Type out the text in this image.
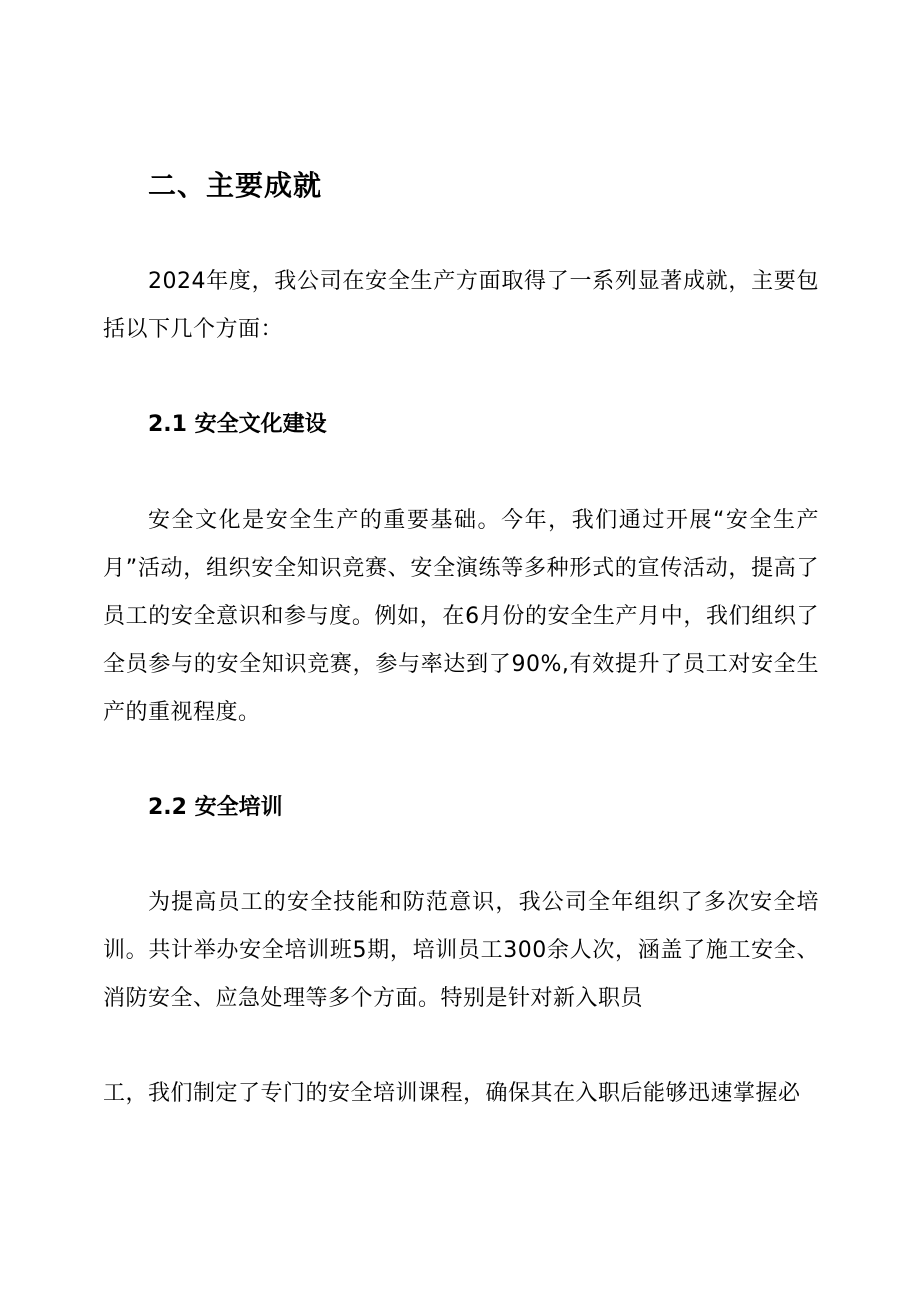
二、主要成就

2024年度，我公司在安全生产方面取得了一系列显著成就，主要包括以下几个方面：

2.1 安全文化建设

安全文化是安全生产的重要基础。今年，我们通过开展“安全生产月”活动，组织安全知识竞赛、安全演练等多种形式的宣传活动，提高了员工的安全意识和参与度。例如，在6月份的安全生产月中，我们组织了全员参与的安全知识竞赛，参与率达到了90%,有效提升了员工对安全生产的重视程度。

2.2 安全培训

为提高员工的安全技能和防范意识，我公司全年组织了多次安全培训。共计举办安全培训班5期，培训员工300余人次，涵盖了施工安全、消防安全、应急处理等多个方面。特别是针对新入职员

工，我们制定了专门的安全培训课程，确保其在入职后能够迅速掌握必
